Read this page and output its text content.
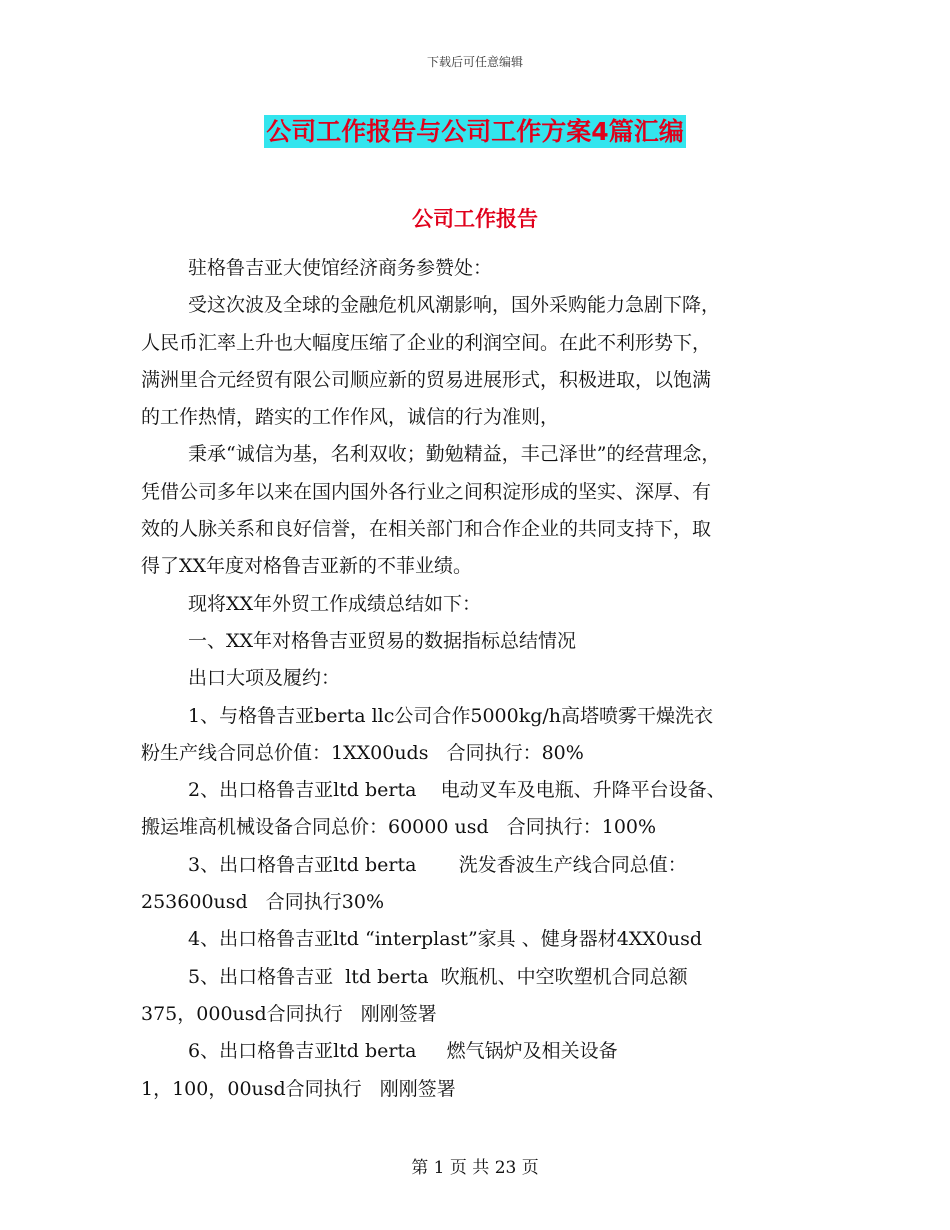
下载后可任意编辑
公司工作报告与公司工作方案4篇汇编
公司工作报告
驻格鲁吉亚大使馆经济商务参赞处：
受这次波及全球的金融危机风潮影响，国外采购能力急剧下降，
人民币汇率上升也大幅度压缩了企业的利润空间。在此不利形势下，
满洲里合元经贸有限公司顺应新的贸易进展形式，积极进取，以饱满
的工作热情，踏实的工作作风，诚信的行为准则，
秉承“诚信为基，名利双收；勤勉精益，丰己泽世”的经营理念，
凭借公司多年以来在国内国外各行业之间积淀形成的坚实、深厚、有
效的人脉关系和良好信誉，在相关部门和合作企业的共同支持下，取
得了XX年度对格鲁吉亚新的不菲业绩。
现将XX年外贸工作成绩总结如下：
一、XX年对格鲁吉亚贸易的数据指标总结情况
出口大项及履约：
1、与格鲁吉亚berta llc公司合作5000kg/h高塔喷雾干燥洗衣
粉生产线合同总价值：1XX00uds   合同执行：80%
2、出口格鲁吉亚ltd berta    电动叉车及电瓶、升降平台设备、
搬运堆高机械设备合同总价：60000 usd   合同执行：100%
3、出口格鲁吉亚ltd berta       洗发香波生产线合同总值：
253600usd   合同执行30%
4、出口格鲁吉亚ltd “interplast”家具 、健身器材4XX0usd
5、出口格鲁吉亚  ltd berta  吹瓶机、中空吹塑机合同总额
375，000usd合同执行   刚刚签署
6、出口格鲁吉亚ltd berta     燃气锅炉及相关设备
1，100，00usd合同执行   刚刚签署
第 1 页 共 23 页
